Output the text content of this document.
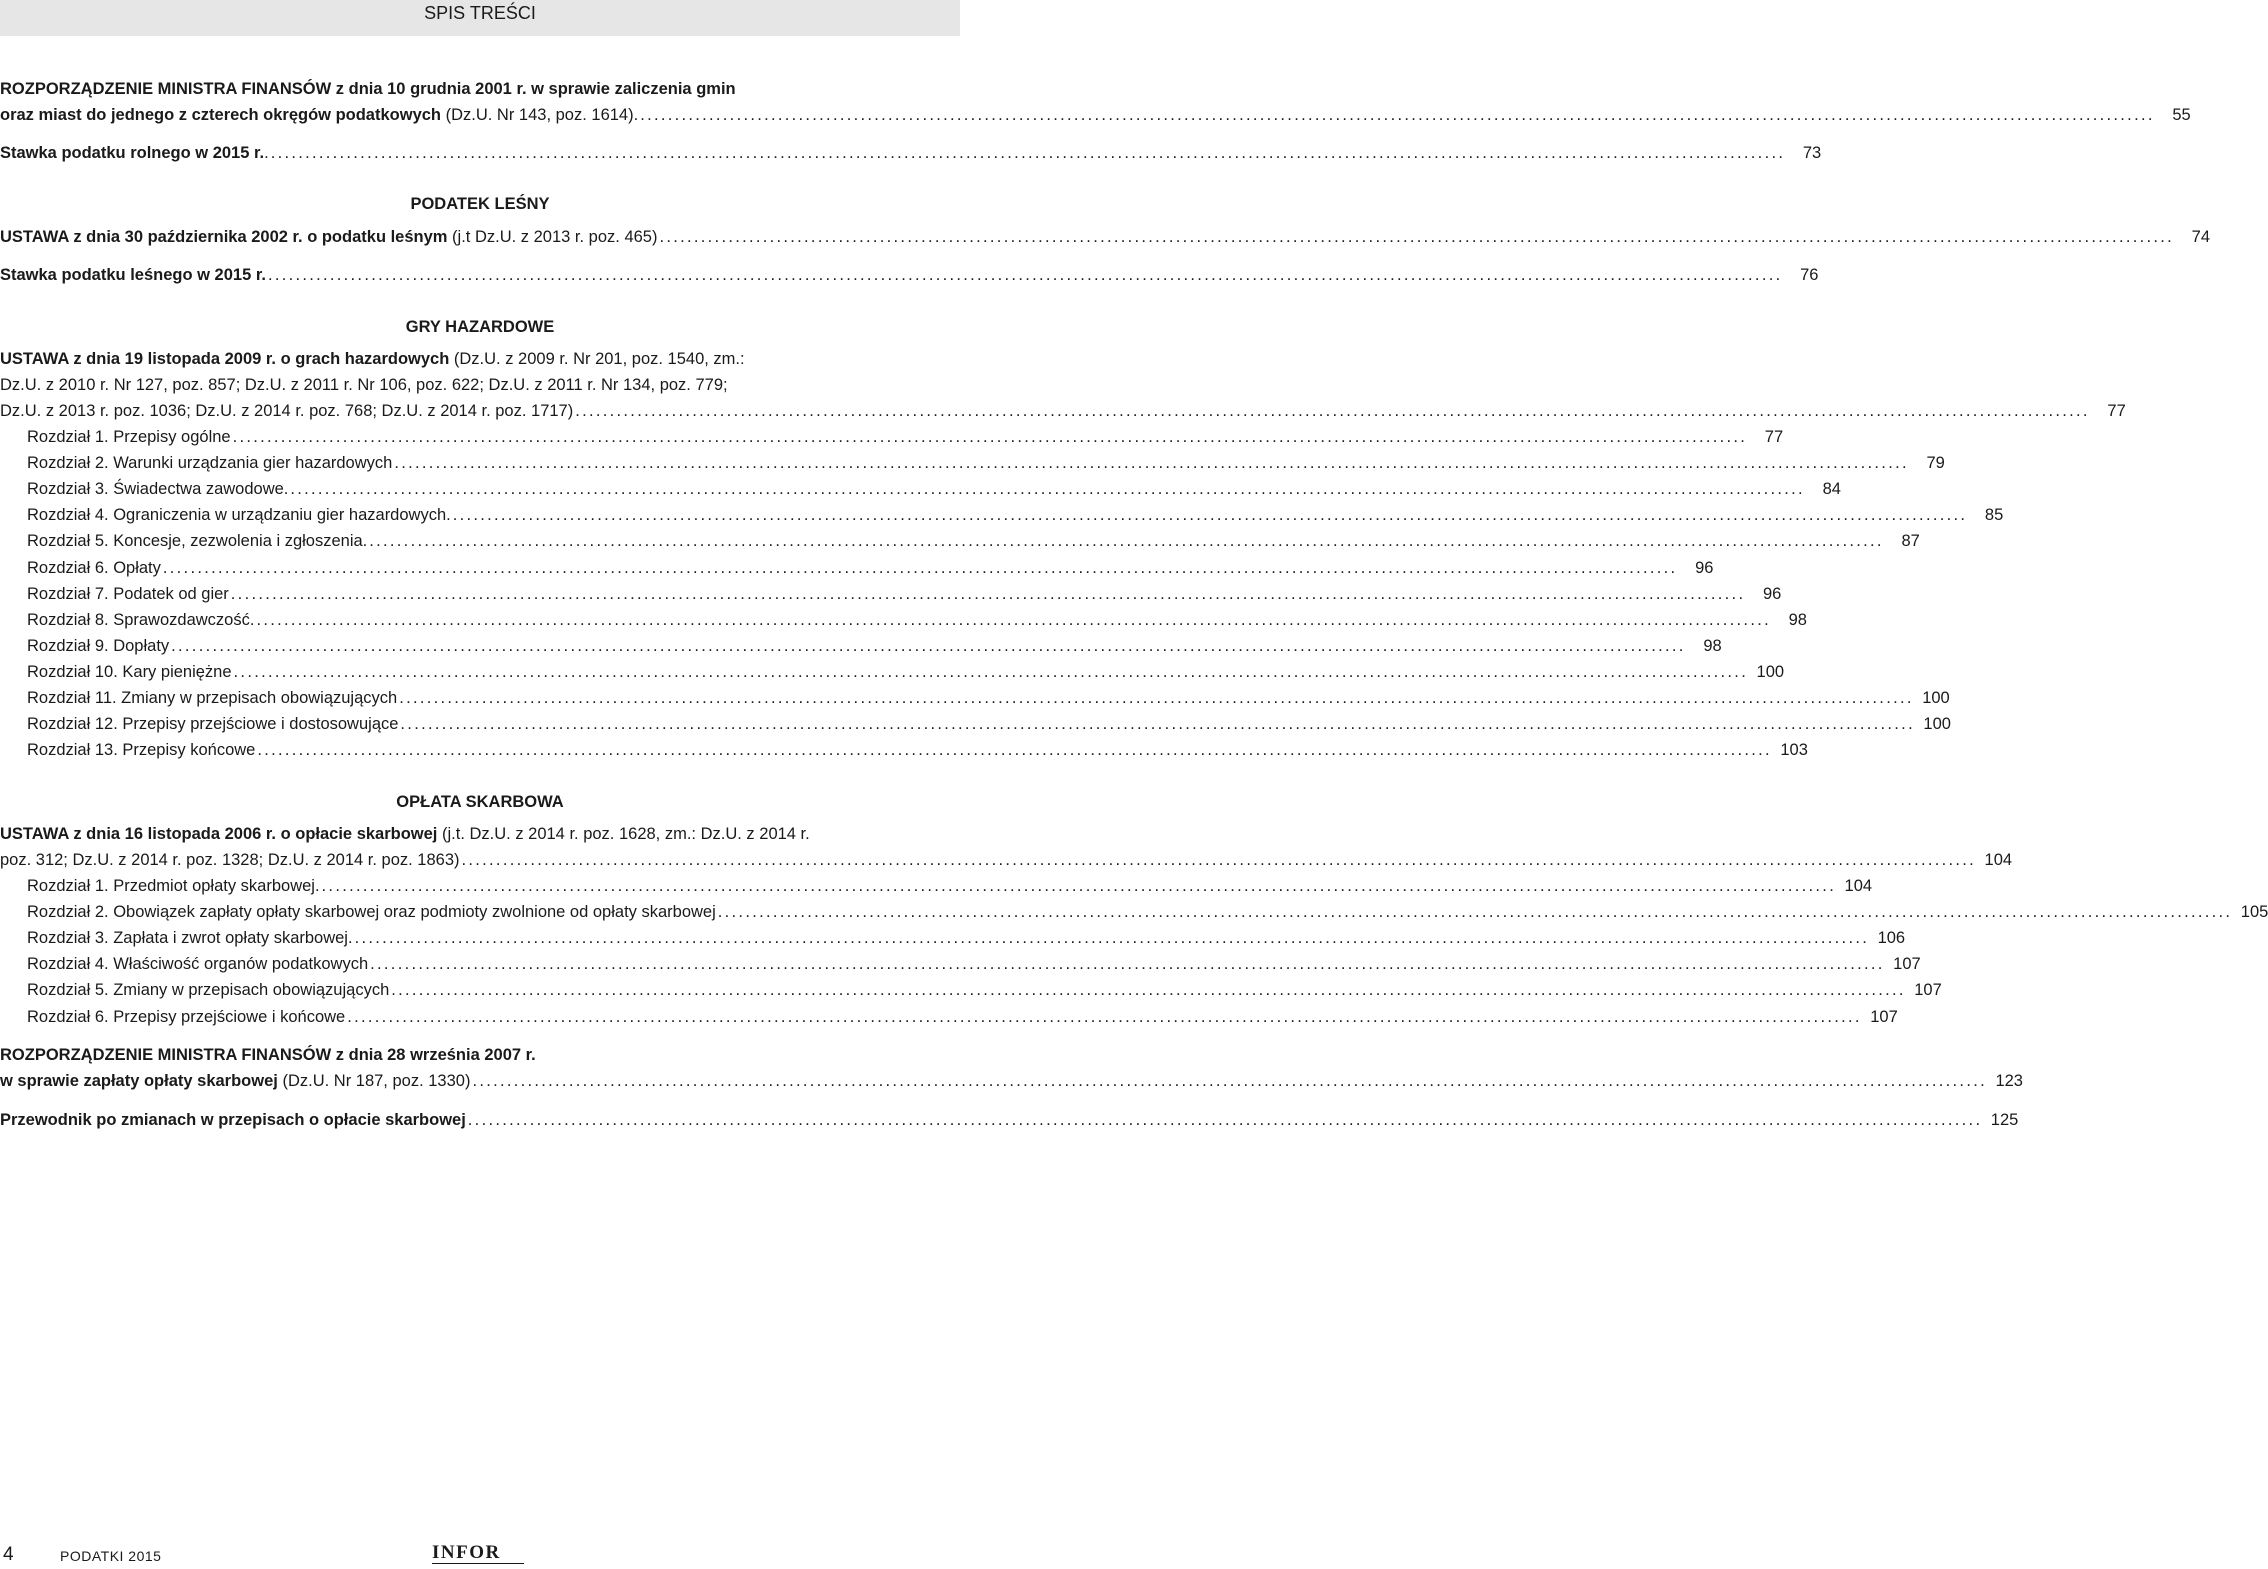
SPIS TREŚCI
ROZPORZĄDZENIE MINISTRA FINANSÓW z dnia 10 grudnia 2001 r. w sprawie zaliczenia gmin
oraz miast do jednego z czterech okręgów podatkowych (Dz.U. Nr 143, poz. 1614). ............................................................................................................................................................................................................................	55
Stawka podatku rolnego w 2015 r.. ............................................................................................................................................................................................................................	73
PODATEK LEŚNY
USTAWA z dnia 30 października 2002 r. o podatku leśnym (j.t Dz.U. z 2013 r. poz. 465) ............................................................................................................................................................................................................................	74
Stawka podatku leśnego w 2015 r. ............................................................................................................................................................................................................................	76
GRY HAZARDOWE
USTAWA z dnia 19 listopada 2009 r. o grach hazardowych (Dz.U. z 2009 r. Nr 201, poz. 1540, zm.:
Dz.U. z 2010 r. Nr 127, poz. 857; Dz.U. z 2011 r. Nr 106, poz. 622; Dz.U. z 2011 r. Nr 134, poz. 779;
Dz.U. z 2013 r. poz. 1036; Dz.U. z 2014 r. poz. 768; Dz.U. z 2014 r. poz. 1717) ............................................................................................................................................................................................................................	77
Rozdział 1. Przepisy ogólne ............................................................................................................................................................................................................................	77
Rozdział 2. Warunki urządzania gier hazardowych ............................................................................................................................................................................................................................	79
Rozdział 3. Świadectwa zawodowe. ............................................................................................................................................................................................................................	84
Rozdział 4. Ograniczenia w urządzaniu gier hazardowych. ............................................................................................................................................................................................................................	85
Rozdział 5. Koncesje, zezwolenia i zgłoszenia. ............................................................................................................................................................................................................................	87
Rozdział 6. Opłaty ............................................................................................................................................................................................................................	96
Rozdział 7. Podatek od gier ............................................................................................................................................................................................................................	96
Rozdział 8. Sprawozdawczość. ............................................................................................................................................................................................................................	98
Rozdział 9. Dopłaty ............................................................................................................................................................................................................................	98
Rozdział 10. Kary pieniężne ............................................................................................................................................................................................................................ 100
Rozdział 11. Zmiany w przepisach obowiązujących ............................................................................................................................................................................................................................ 100
Rozdział 12. Przepisy przejściowe i dostosowujące ............................................................................................................................................................................................................................ 100
Rozdział 13. Przepisy końcowe ............................................................................................................................................................................................................................ 103
OPŁATA SKARBOWA
USTAWA z dnia 16 listopada 2006 r. o opłacie skarbowej (j.t. Dz.U. z 2014 r. poz. 1628, zm.: Dz.U. z 2014 r.
poz. 312; Dz.U. z 2014 r. poz. 1328; Dz.U. z 2014 r. poz. 1863) ............................................................................................................................................................................................................................ 104
Rozdział 1. Przedmiot opłaty skarbowej. ............................................................................................................................................................................................................................ 104
Rozdział 2. Obowiązek zapłaty opłaty skarbowej oraz podmioty zwolnione od opłaty skarbowej ............................................................................................................................................................................................................................ 105
Rozdział 3. Zapłata i zwrot opłaty skarbowej. ............................................................................................................................................................................................................................ 106
Rozdział 4. Właściwość organów podatkowych ............................................................................................................................................................................................................................ 107
Rozdział 5. Zmiany w przepisach obowiązujących ............................................................................................................................................................................................................................ 107
Rozdział 6. Przepisy przejściowe i końcowe ............................................................................................................................................................................................................................ 107
ROZPORZĄDZENIE MINISTRA FINANSÓW z dnia 28 września 2007 r.
w sprawie zapłaty opłaty skarbowej (Dz.U. Nr 187, poz. 1330) ............................................................................................................................................................................................................................ 123
Przewodnik po zmianach w przepisach o opłacie skarbowej ............................................................................................................................................................................................................................ 125
4	PODATKI 2015	INFOR
